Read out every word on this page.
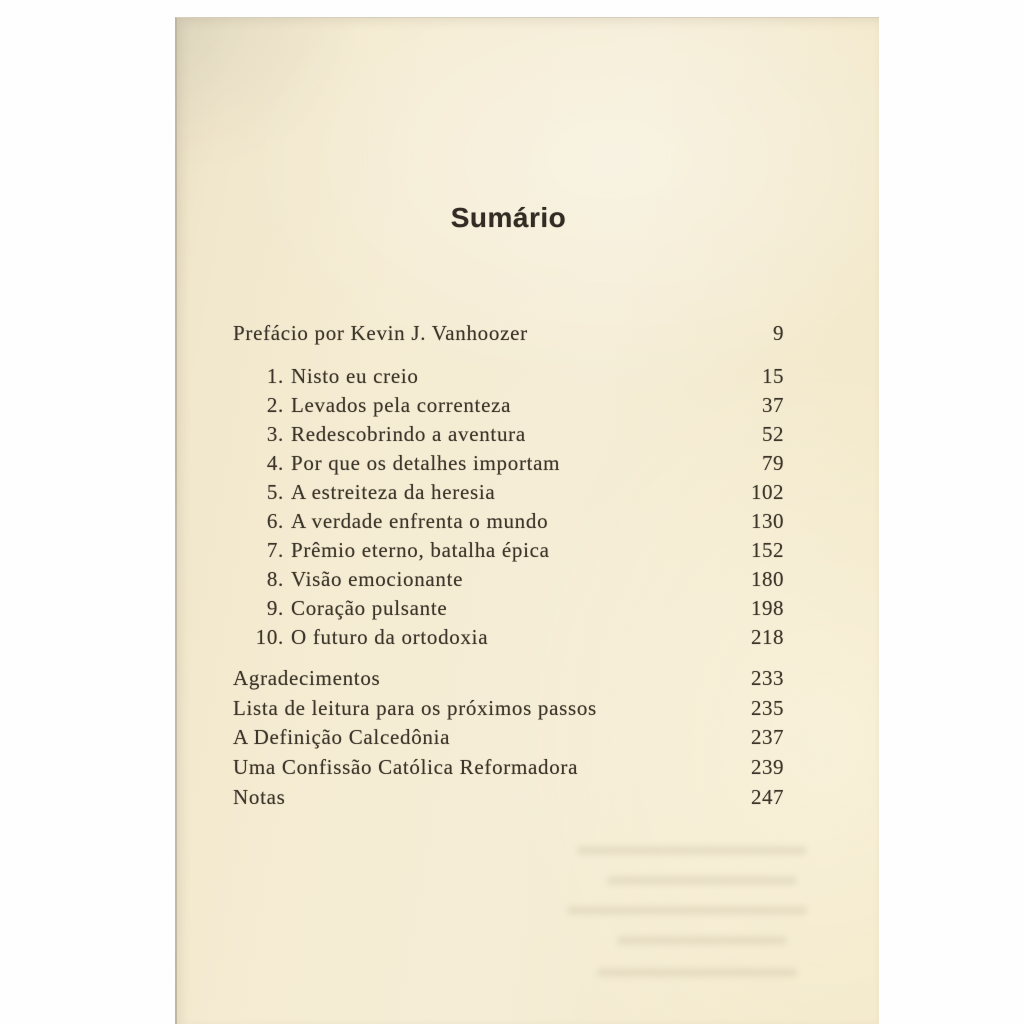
Sumário
Prefácio por Kevin J. Vanhoozer	9
1. Nisto eu creio	15
2. Levados pela correnteza	37
3. Redescobrindo a aventura	52
4. Por que os detalhes importam	79
5. A estreiteza da heresia	102
6. A verdade enfrenta o mundo	130
7. Prêmio eterno, batalha épica	152
8. Visão emocionante	180
9. Coração pulsante	198
10. O futuro da ortodoxia	218
Agradecimentos	233
Lista de leitura para os próximos passos	235
A Definição Calcedônia	237
Uma Confissão Católica Reformadora	239
Notas	247
